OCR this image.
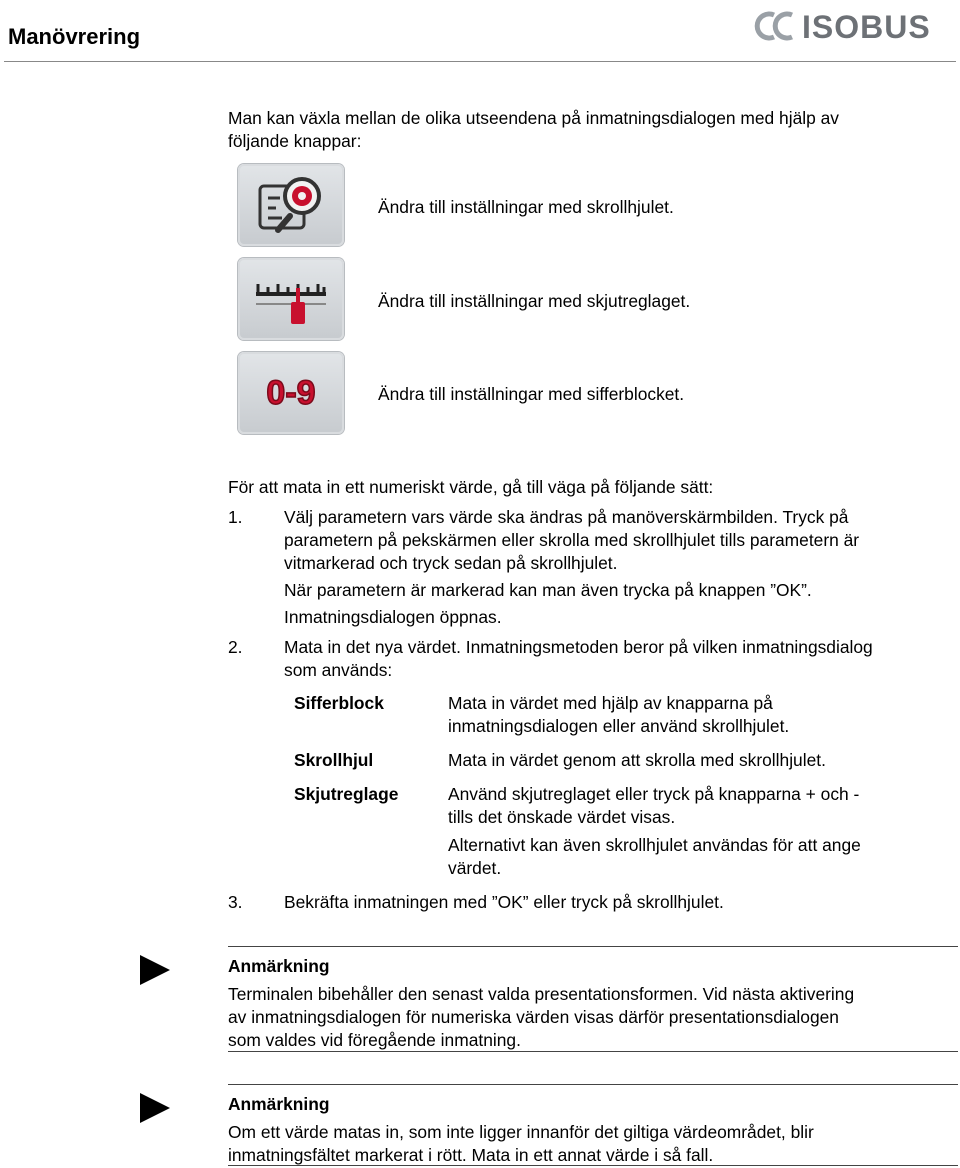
Manövrering	ISOBUS
CCISOBUS
Man kan växla mellan de olika utseendena på inmatningsdialogen med hjälp av
följande knappar:
Ändra till inställningar med skrollhjulet.
Ändra till inställningar med skjutreglaget.
0-9	Ändra till inställningar med sifferblocket.
För att mata in ett numeriskt värde, gå till väga på följande sätt:
1. Välj parametern vars värde ska ändras på manöverskärmbilden. Tryck på
parametern på pekskärmen eller skrolla med skrollhjulet tills parametern är
vitmarkerad och tryck sedan på skrollhjulet.
När parametern är markerad kan man även trycka på knappen ”OK”.
Inmatningsdialogen öppnas.
2. Mata in det nya värdet. Inmatningsmetoden beror på vilken inmatningsdialog
som används:
Sifferblock	Mata in värdet med hjälp av knapparna på
inmatningsdialogen eller använd skrollhjulet.
Skrollhjul	Mata in värdet genom att skrolla med skrollhjulet.
Skjutreglage	Använd skjutreglaget eller tryck på knapparna + och -
tills det önskade värdet visas.
Alternativt kan även skrollhjulet användas för att ange
värdet.
3. Bekräfta inmatningen med ”OK” eller tryck på skrollhjulet.
Anmärkning
Terminalen bibehåller den senast valda presentationsformen. Vid nästa aktivering
av inmatningsdialogen för numeriska värden visas därför presentationsdialogen
som valdes vid föregående inmatning.
Anmärkning
Om ett värde matas in, som inte ligger innanför det giltiga värdeområdet, blir
inmatningsfältet markerat i rött. Mata in ett annat värde i så fall.
